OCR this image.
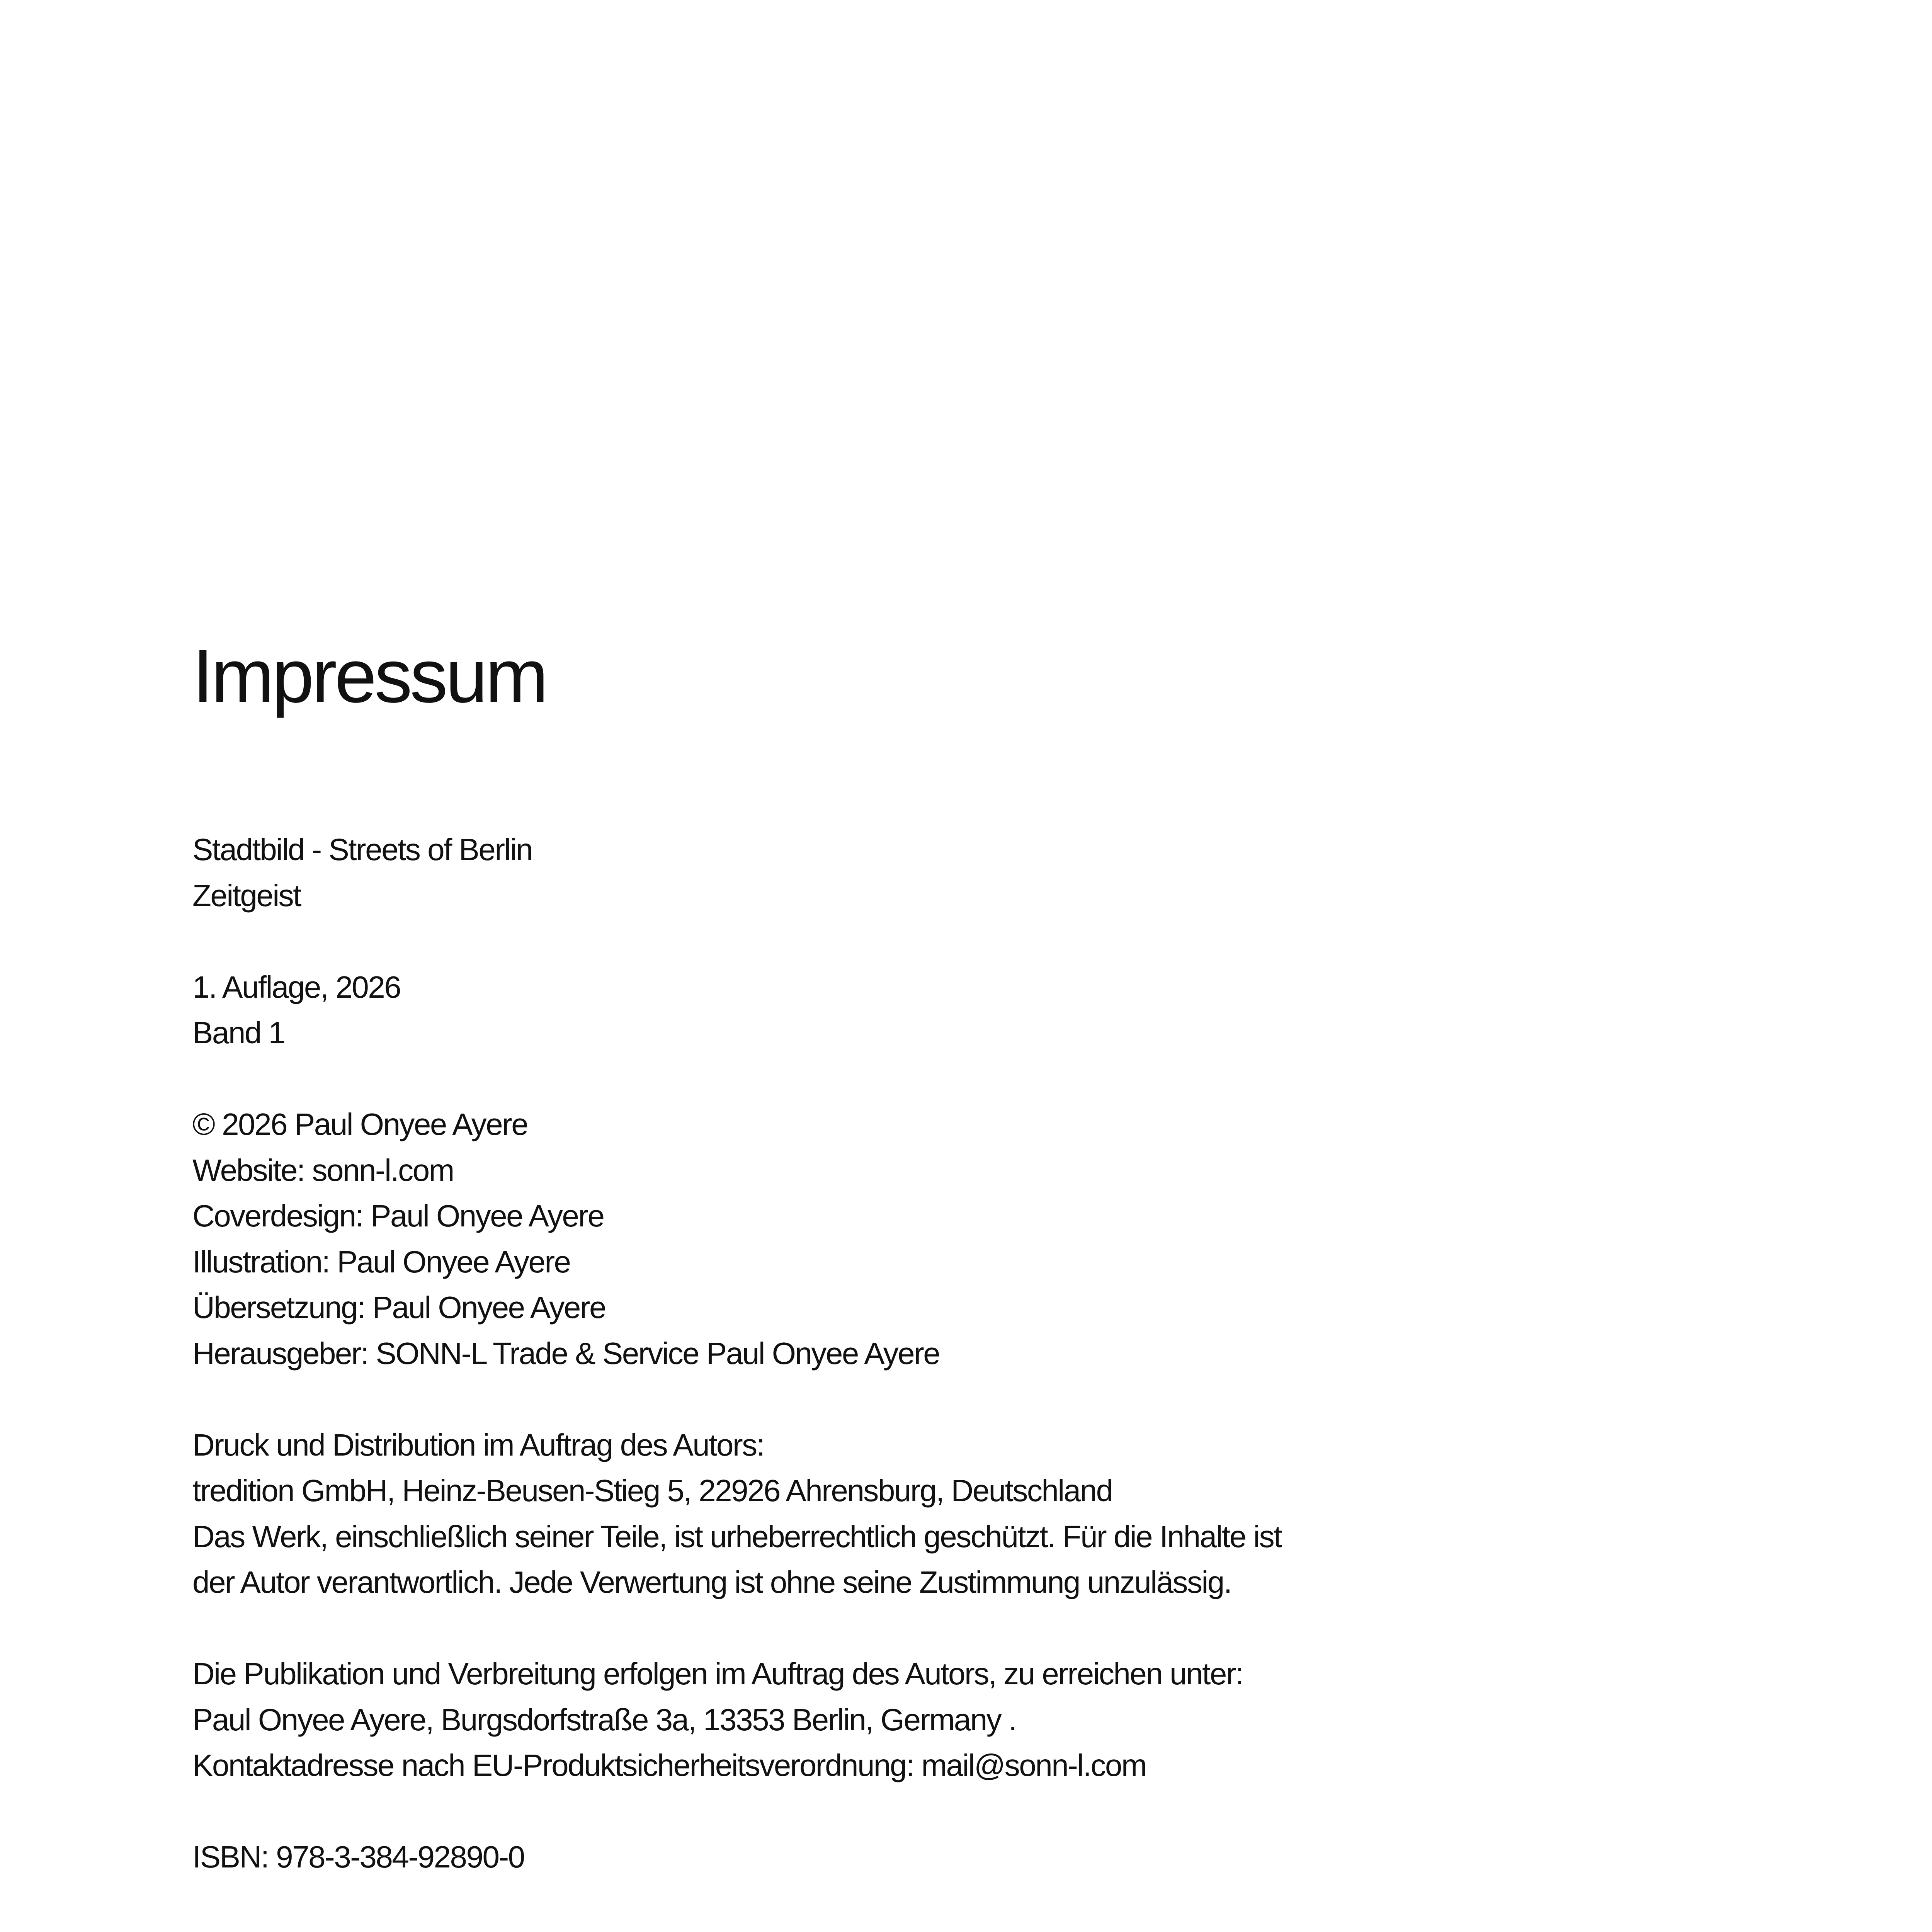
Impressum
Stadtbild - Streets of Berlin
Zeitgeist
1. Auflage, 2026
Band 1
© 2026 Paul Onyee Ayere
Website: sonn-l.com
Coverdesign: Paul Onyee Ayere
Illustration: Paul Onyee Ayere
Übersetzung: Paul Onyee Ayere
Herausgeber: SONN-L Trade & Service Paul Onyee Ayere
Druck und Distribution im Auftrag des Autors:
tredition GmbH, Heinz-Beusen-Stieg 5, 22926 Ahrensburg, Deutschland
Das Werk, einschließlich seiner Teile, ist urheberrechtlich geschützt. Für die Inhalte ist
der Autor verantwortlich. Jede Verwertung ist ohne seine Zustimmung unzulässig.
Die Publikation und Verbreitung erfolgen im Auftrag des Autors, zu erreichen unter:
Paul Onyee Ayere, Burgsdorfstraße 3a, 13353 Berlin, Germany .
Kontaktadresse nach EU-Produktsicherheitsverordnung: mail@sonn-l.com
ISBN: 978-3-384-92890-0
